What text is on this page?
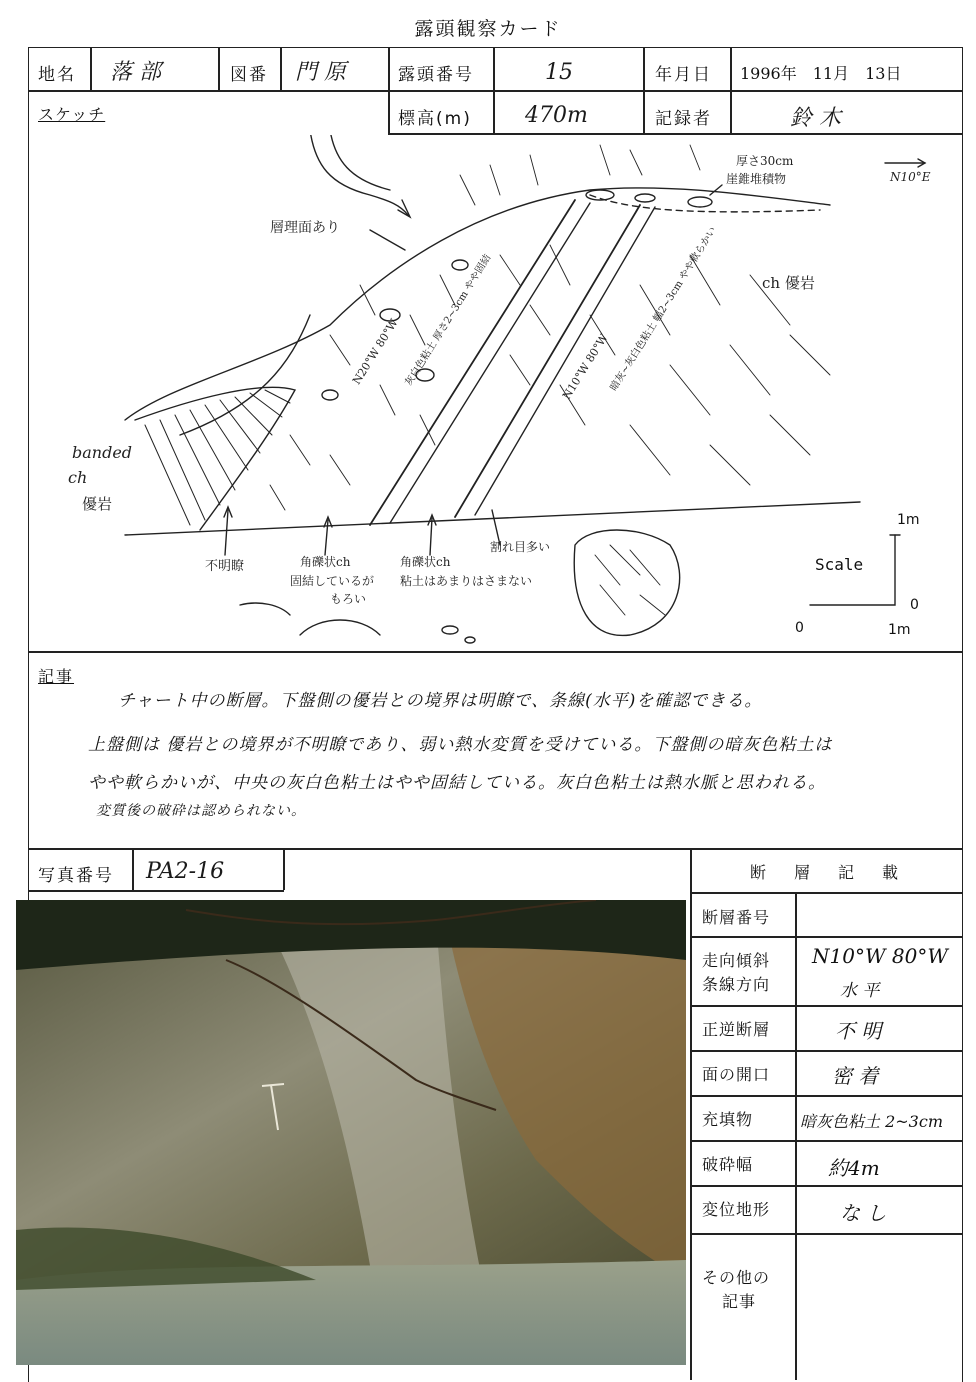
露頭観察カード
地名 落 部	図番 門 原	露頭番号	15	年月日 1996年　11月　13日
スケッチ	標高(m) 470m	記録者	鈴 木
厚さ30cm
崖錐堆積物	N10°E
層理面あり
ch 優岩
banded
ch
優岩
N20°W 80°W 灰白色粘土 厚さ2~3cm やや固結	N10°W 80°W
暗灰~灰白色粘土 幅2~3cm やや軟らかい
不明瞭	角礫状ch
固結しているが
もろい
角礫状ch
粘土はあまりはさまない
割れ目多い
Scale
1m
0
0	1m
記事
チャート中の断層。下盤側の優岩との境界は明瞭で、条線(水平)を確認できる。
上盤側は 優岩との境界が不明瞭であり、弱い熱水変質を受けている。下盤側の暗灰色粘土は
やや軟らかいが、中央の灰白色粘土はやや固結している。灰白色粘土は熱水脈と思われる。
変質後の破砕は認められない。
写真番号 PA2-16	断　層　記　載
断層番号
走向傾斜
条線方向
N10°W 80°W
水 平
正逆断層	不 明
面の開口	密 着
充填物	暗灰色粘土 2~3cm
破砕幅	約4m
変位地形	な し
その他の
記事
